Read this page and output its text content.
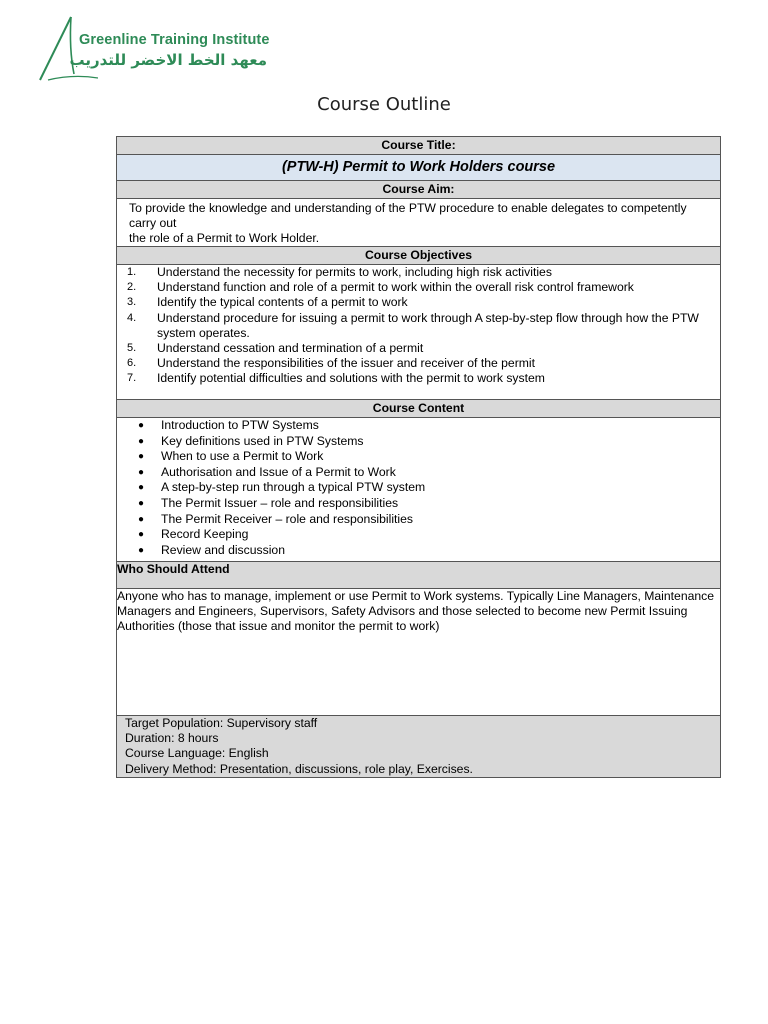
Greenline Training Institute
معهد الخط الاخضر للتدريب
Course Outline
Course Title:
(PTW-H) Permit to Work Holders course
Course Aim:

To provide the knowledge and understanding of the PTW procedure to enable delegates to competently carry out
the role of a Permit to Work Holder.

Course Objectives

1. Understand the necessity for permits to work, including high risk activities
2. Understand function and role of a permit to work within the overall risk control framework
3. Identify the typical contents of a permit to work
4. Understand procedure for issuing a permit to work through A step-by-step flow through how the PTW system operates.
5. Understand cessation and termination of a permit
6. Understand the responsibilities of the issuer and receiver of the permit
7. Identify potential difficulties and solutions with the permit to work system

Course Content

● Introduction to PTW Systems
● Key definitions used in PTW Systems
● When to use a Permit to Work
● Authorisation and Issue of a Permit to Work
● A step-by-step run through a typical PTW system
● The Permit Issuer – role and responsibilities
● The Permit Receiver – role and responsibilities
● Record Keeping
● Review and discussion

Who Should Attend
Anyone who has to manage, implement or use Permit to Work systems. Typically Line Managers, Maintenance Managers and Engineers, Supervisors, Safety Advisors and those selected to become new Permit Issuing Authorities (those that issue and monitor the permit to work)

Target Population: Supervisory staff
Duration: 8 hours
Course Language: English
Delivery Method: Presentation, discussions, role play, Exercises.
